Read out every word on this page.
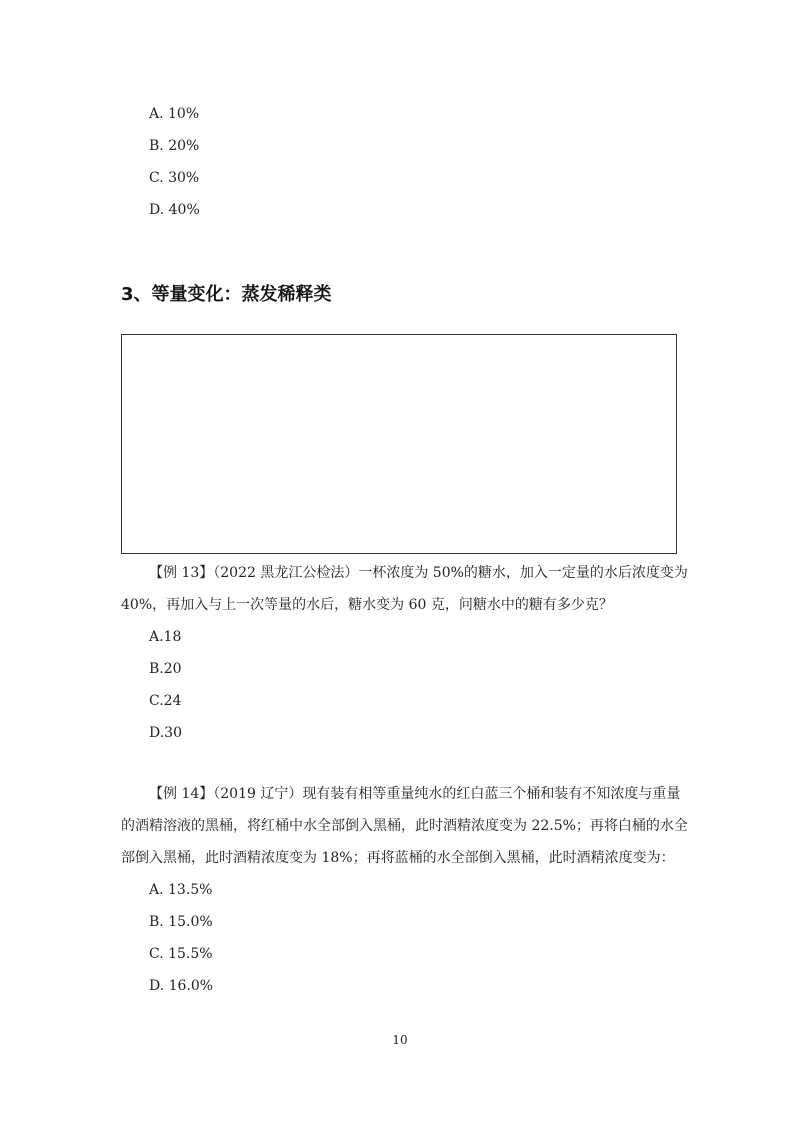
A. 10%
B. 20%
C. 30%
D. 40%
3、等量变化：蒸发稀释类
【例 13】（2022 黑龙江公检法）一杯浓度为 50%的糖水，加入一定量的水后浓度变为
40%，再加入与上一次等量的水后，糖水变为 60 克，问糖水中的糖有多少克？
A.18
B.20
C.24
D.30
【例 14】（2019 辽宁）现有装有相等重量纯水的红白蓝三个桶和装有不知浓度与重量
的酒精溶液的黑桶，将红桶中水全部倒入黑桶，此时酒精浓度变为 22.5%；再将白桶的水全
部倒入黑桶，此时酒精浓度变为 18%；再将蓝桶的水全部倒入黑桶，此时酒精浓度变为：
A. 13.5%
B. 15.0%
C. 15.5%
D. 16.0%
10
